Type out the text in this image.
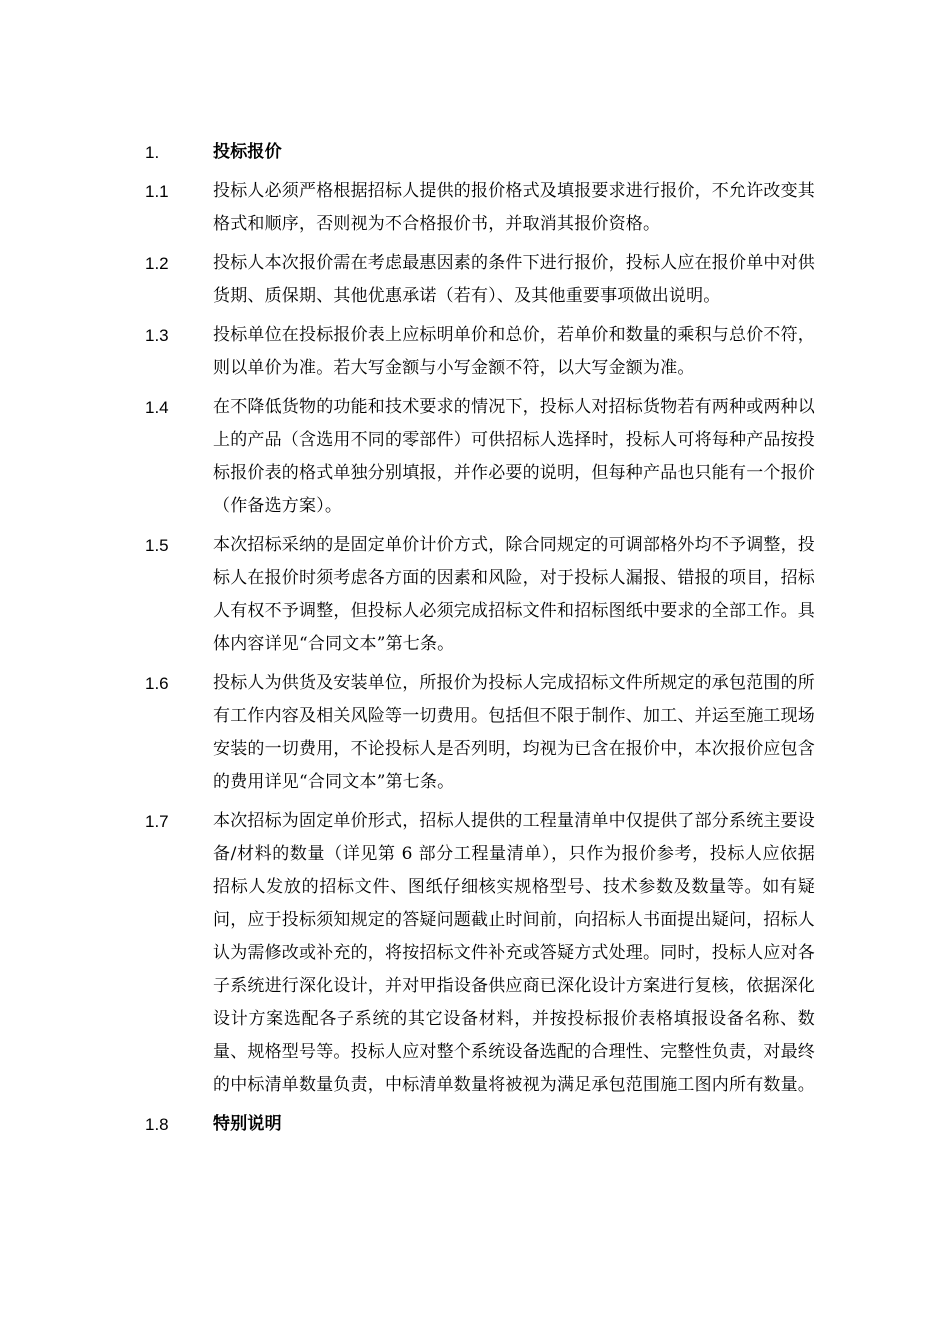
1.	投标报价
1.1	投标人必须严格根据招标人提供的报价格式及填报要求进行报价，不允许改变其格式和顺序，否则视为不合格报价书，并取消其报价资格。
1.2	投标人本次报价需在考虑最惠因素的条件下进行报价，投标人应在报价单中对供货期、质保期、其他优惠承诺（若有）、及其他重要事项做出说明。
1.3	投标单位在投标报价表上应标明单价和总价，若单价和数量的乘积与总价不符，则以单价为准。若大写金额与小写金额不符，以大写金额为准。
1.4	在不降低货物的功能和技术要求的情况下，投标人对招标货物若有两种或两种以上的产品（含选用不同的零部件）可供招标人选择时，投标人可将每种产品按投标报价表的格式单独分别填报，并作必要的说明，但每种产品也只能有一个报价（作备选方案）。
1.5	本次招标采纳的是固定单价计价方式，除合同规定的可调部格外均不予调整，投标人在报价时须考虑各方面的因素和风险，对于投标人漏报、错报的项目，招标人有权不予调整，但投标人必须完成招标文件和招标图纸中要求的全部工作。具体内容详见“合同文本”第七条。
1.6	投标人为供货及安装单位，所报价为投标人完成招标文件所规定的承包范围的所有工作内容及相关风险等一切费用。包括但不限于制作、加工、并运至施工现场安装的一切费用，不论投标人是否列明，均视为已含在报价中，本次报价应包含的费用详见“合同文本”第七条。
1.7	本次招标为固定单价形式，招标人提供的工程量清单中仅提供了部分系统主要设备/材料的数量（详见第 6 部分工程量清单），只作为报价参考，投标人应依据招标人发放的招标文件、图纸仔细核实规格型号、技术参数及数量等。如有疑问，应于投标须知规定的答疑问题截止时间前，向招标人书面提出疑问，招标人认为需修改或补充的，将按招标文件补充或答疑方式处理。同时，投标人应对各子系统进行深化设计，并对甲指设备供应商已深化设计方案进行复核，依据深化设计方案选配各子系统的其它设备材料，并按投标报价表格填报设备名称、数量、规格型号等。投标人应对整个系统设备选配的合理性、完整性负责，对最终的中标清单数量负责，中标清单数量将被视为满足承包范围施工图内所有数量。
1.8	特别说明
